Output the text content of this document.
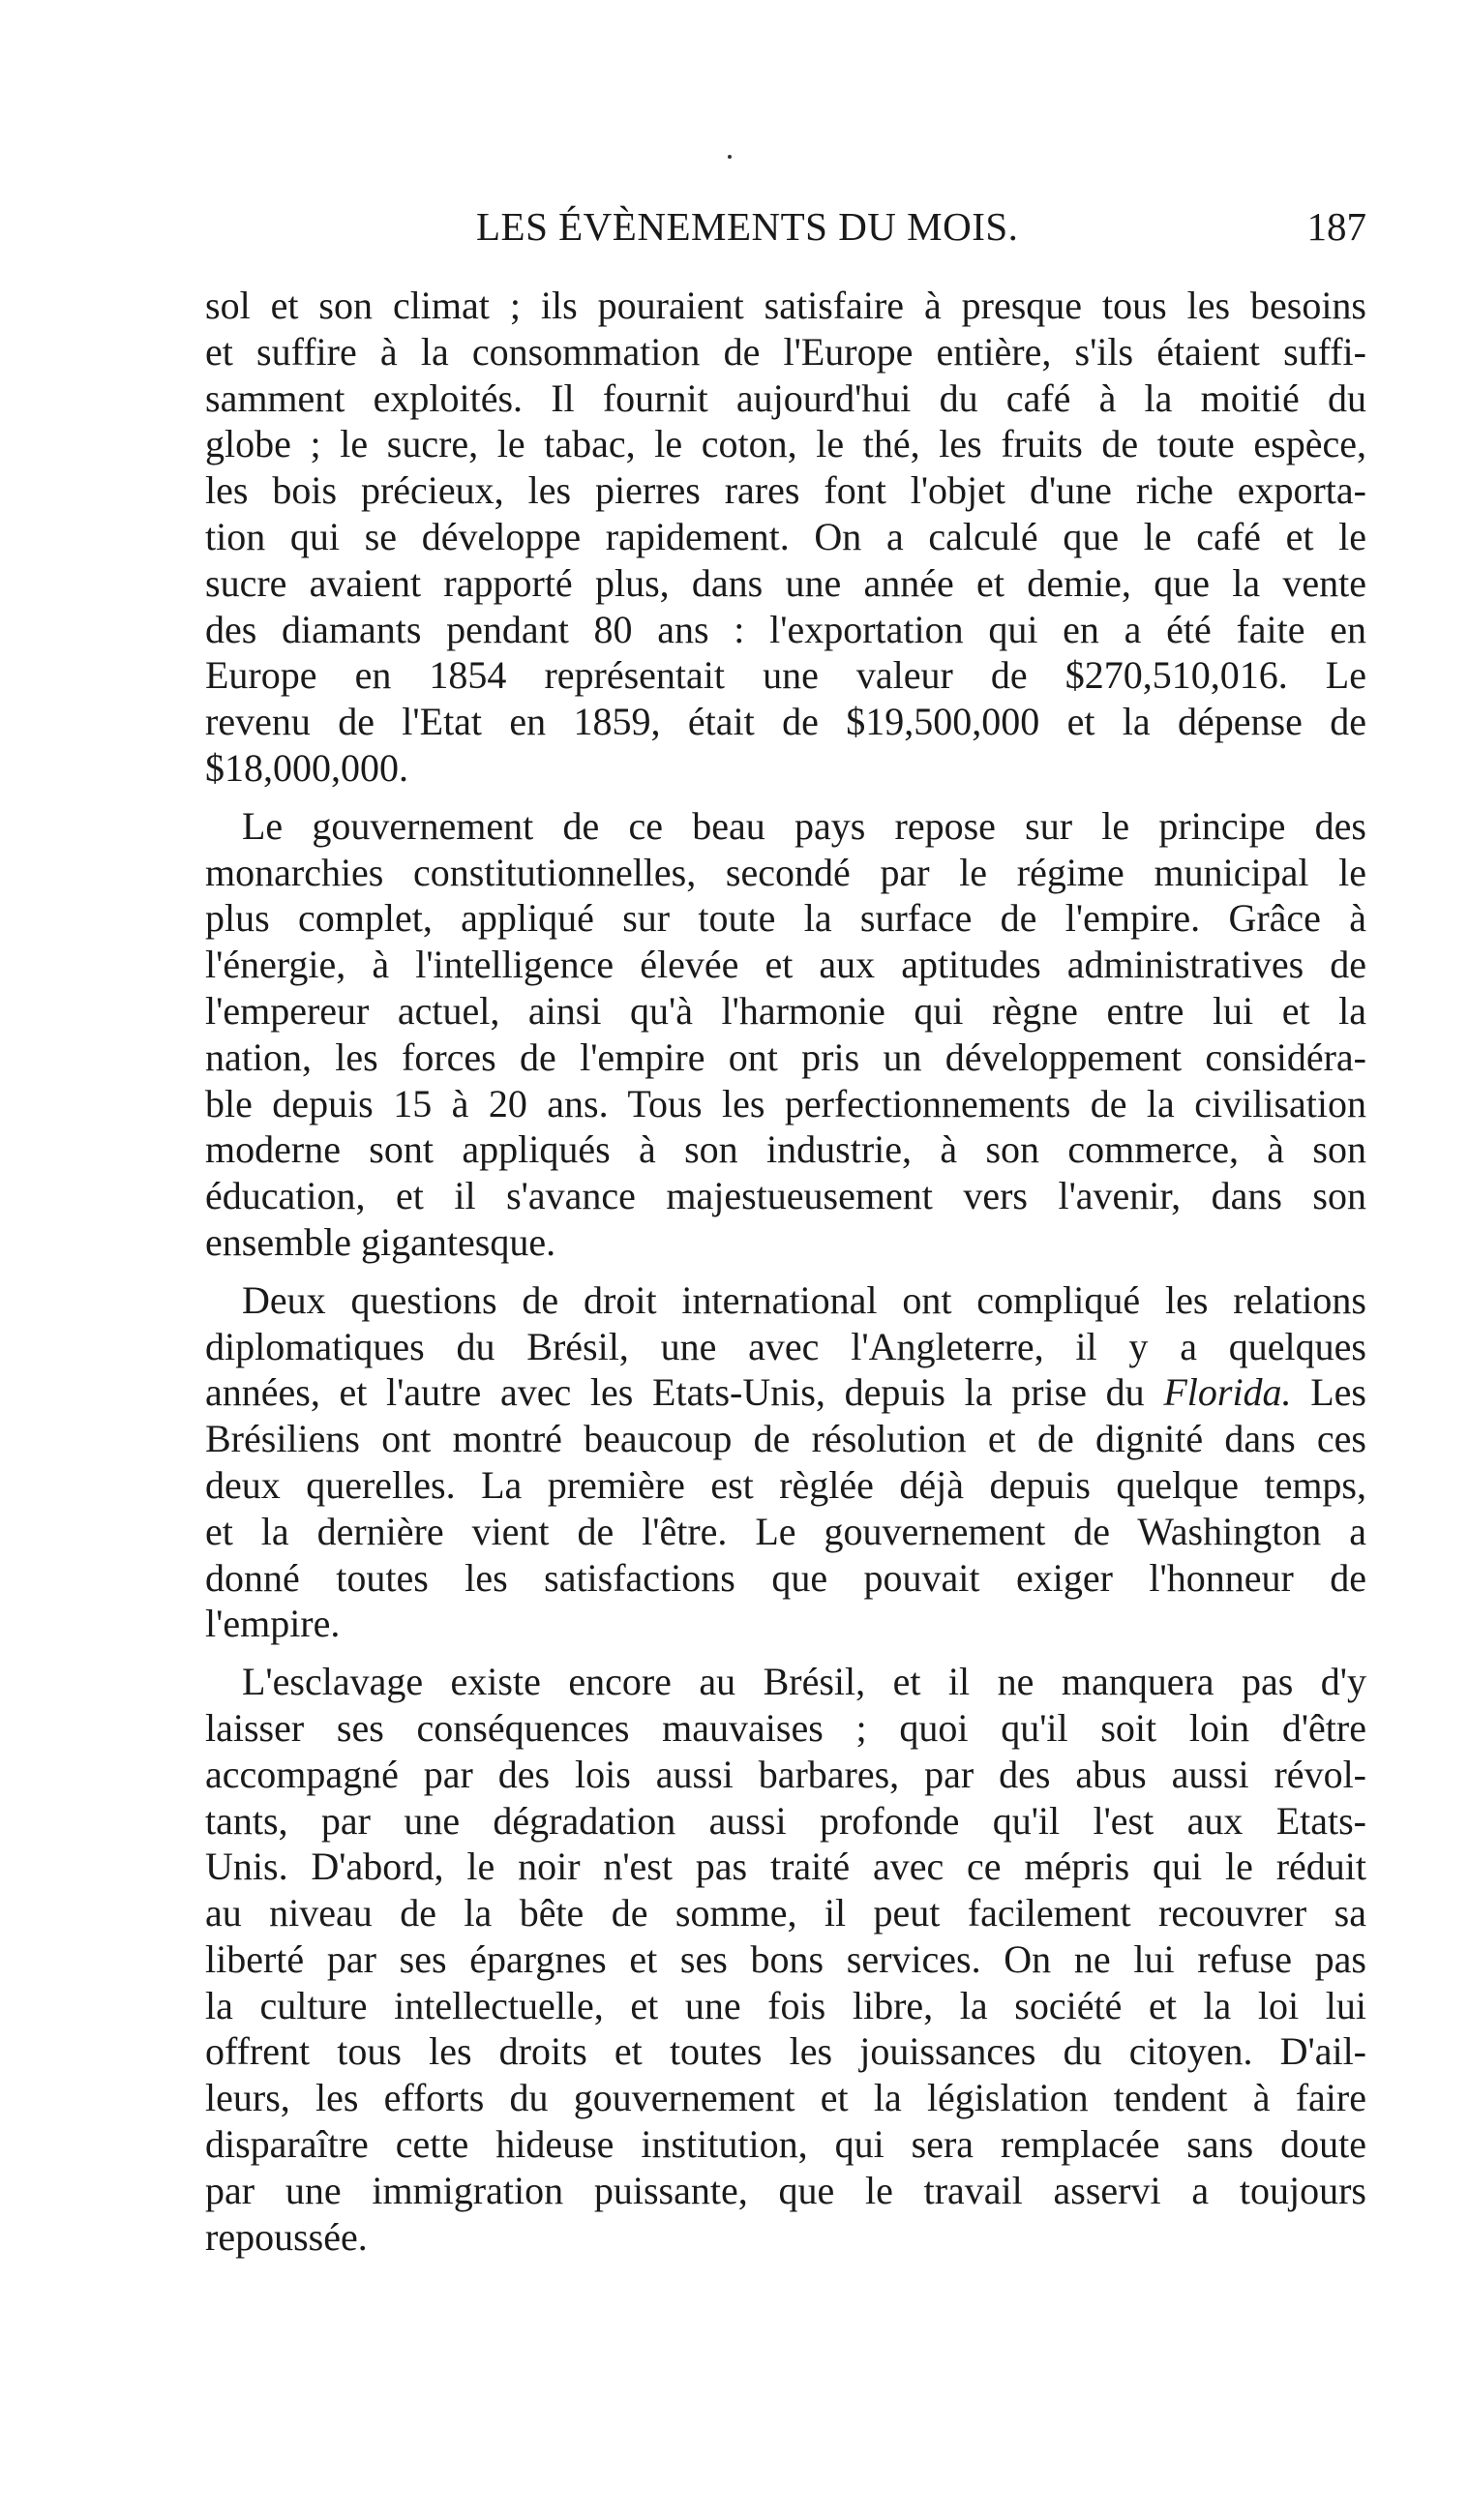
LES ÉVÈNEMENTS DU MOIS.	187

sol et son climat ; ils pouraient satisfaire à presque tous les besoins
et suffire à la consommation de l'Europe entière, s'ils étaient suffi-
samment exploités. Il fournit aujourd'hui du café à la moitié du
globe ; le sucre, le tabac, le coton, le thé, les fruits de toute espèce,
les bois précieux, les pierres rares font l'objet d'une riche exporta-
tion qui se développe rapidement. On a calculé que le café et le
sucre avaient rapporté plus, dans une année et demie, que la vente
des diamants pendant 80 ans : l'exportation qui en a été faite en
Europe en 1854 représentait une valeur de $270,510,016. Le
revenu de l'Etat en 1859, était de $19,500,000 et la dépense de
$18,000,000.

Le gouvernement de ce beau pays repose sur le principe des
monarchies constitutionnelles, secondé par le régime municipal le
plus complet, appliqué sur toute la surface de l'empire. Grâce à
l'énergie, à l'intelligence élevée et aux aptitudes administratives de
l'empereur actuel, ainsi qu'à l'harmonie qui règne entre lui et la
nation, les forces de l'empire ont pris un développement considéra-
ble depuis 15 à 20 ans. Tous les perfectionnements de la civilisation
moderne sont appliqués à son industrie, à son commerce, à son
éducation, et il s'avance majestueusement vers l'avenir, dans son
ensemble gigantesque.

Deux questions de droit international ont compliqué les relations
diplomatiques du Brésil, une avec l'Angleterre, il y a quelques
années, et l'autre avec les Etats-Unis, depuis la prise du Florida. Les
Brésiliens ont montré beaucoup de résolution et de dignité dans ces
deux querelles. La première est règlée déjà depuis quelque temps,
et la dernière vient de l'être. Le gouvernement de Washington a
donné toutes les satisfactions que pouvait exiger l'honneur de
l'empire.

L'esclavage existe encore au Brésil, et il ne manquera pas d'y
laisser ses conséquences mauvaises ; quoi qu'il soit loin d'être
accompagné par des lois aussi barbares, par des abus aussi révol-
tants, par une dégradation aussi profonde qu'il l'est aux Etats-
Unis. D'abord, le noir n'est pas traité avec ce mépris qui le réduit
au niveau de la bête de somme, il peut facilement recouvrer sa
liberté par ses épargnes et ses bons services. On ne lui refuse pas
la culture intellectuelle, et une fois libre, la société et la loi lui
offrent tous les droits et toutes les jouissances du citoyen. D'ail-
leurs, les efforts du gouvernement et la législation tendent à faire
disparaître cette hideuse institution, qui sera remplacée sans doute
par une immigration puissante, que le travail asservi a toujours
repoussée.
